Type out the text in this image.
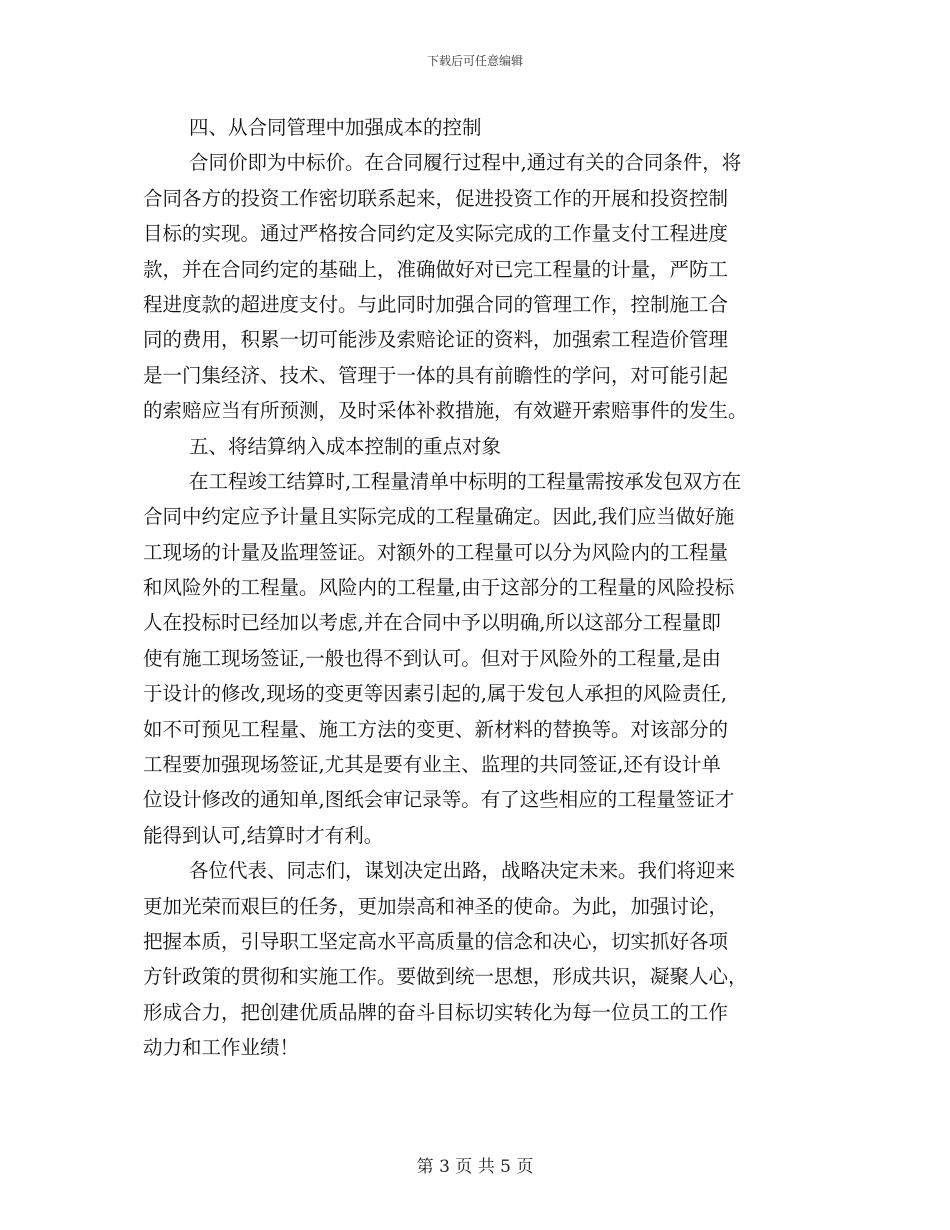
下载后可任意编辑
四、从合同管理中加强成本的控制
合同价即为中标价。在合同履行过程中,通过有关的合同条件，将
合同各方的投资工作密切联系起来，促进投资工作的开展和投资控制
目标的实现。通过严格按合同约定及实际完成的工作量支付工程进度
款，并在合同约定的基础上，准确做好对已完工程量的计量，严防工
程进度款的超进度支付。与此同时加强合同的管理工作，控制施工合
同的费用，积累一切可能涉及索赔论证的资料，加强索工程造价管理
是一门集经济、技术、管理于一体的具有前瞻性的学问，对可能引起
的索赔应当有所预测，及时采体补救措施，有效避开索赔事件的发生。
五、将结算纳入成本控制的重点对象
在工程竣工结算时,工程量清单中标明的工程量需按承发包双方在
合同中约定应予计量且实际完成的工程量确定。因此,我们应当做好施
工现场的计量及监理签证。对额外的工程量可以分为风险内的工程量
和风险外的工程量。风险内的工程量,由于这部分的工程量的风险投标
人在投标时已经加以考虑,并在合同中予以明确,所以这部分工程量即
使有施工现场签证,一般也得不到认可。但对于风险外的工程量,是由
于设计的修改,现场的变更等因素引起的,属于发包人承担的风险责任,
如不可预见工程量、施工方法的变更、新材料的替换等。对该部分的
工程要加强现场签证,尤其是要有业主、监理的共同签证,还有设计单
位设计修改的通知单,图纸会审记录等。有了这些相应的工程量签证才
能得到认可,结算时才有利。
各位代表、同志们，谋划决定出路，战略决定未来。我们将迎来
更加光荣而艰巨的任务，更加崇高和神圣的使命。为此，加强讨论，
把握本质，引导职工坚定高水平高质量的信念和决心，切实抓好各项
方针政策的贯彻和实施工作。要做到统一思想，形成共识，凝聚人心，
形成合力，把创建优质品牌的奋斗目标切实转化为每一位员工的工作
动力和工作业绩！
第 3 页 共 5 页
